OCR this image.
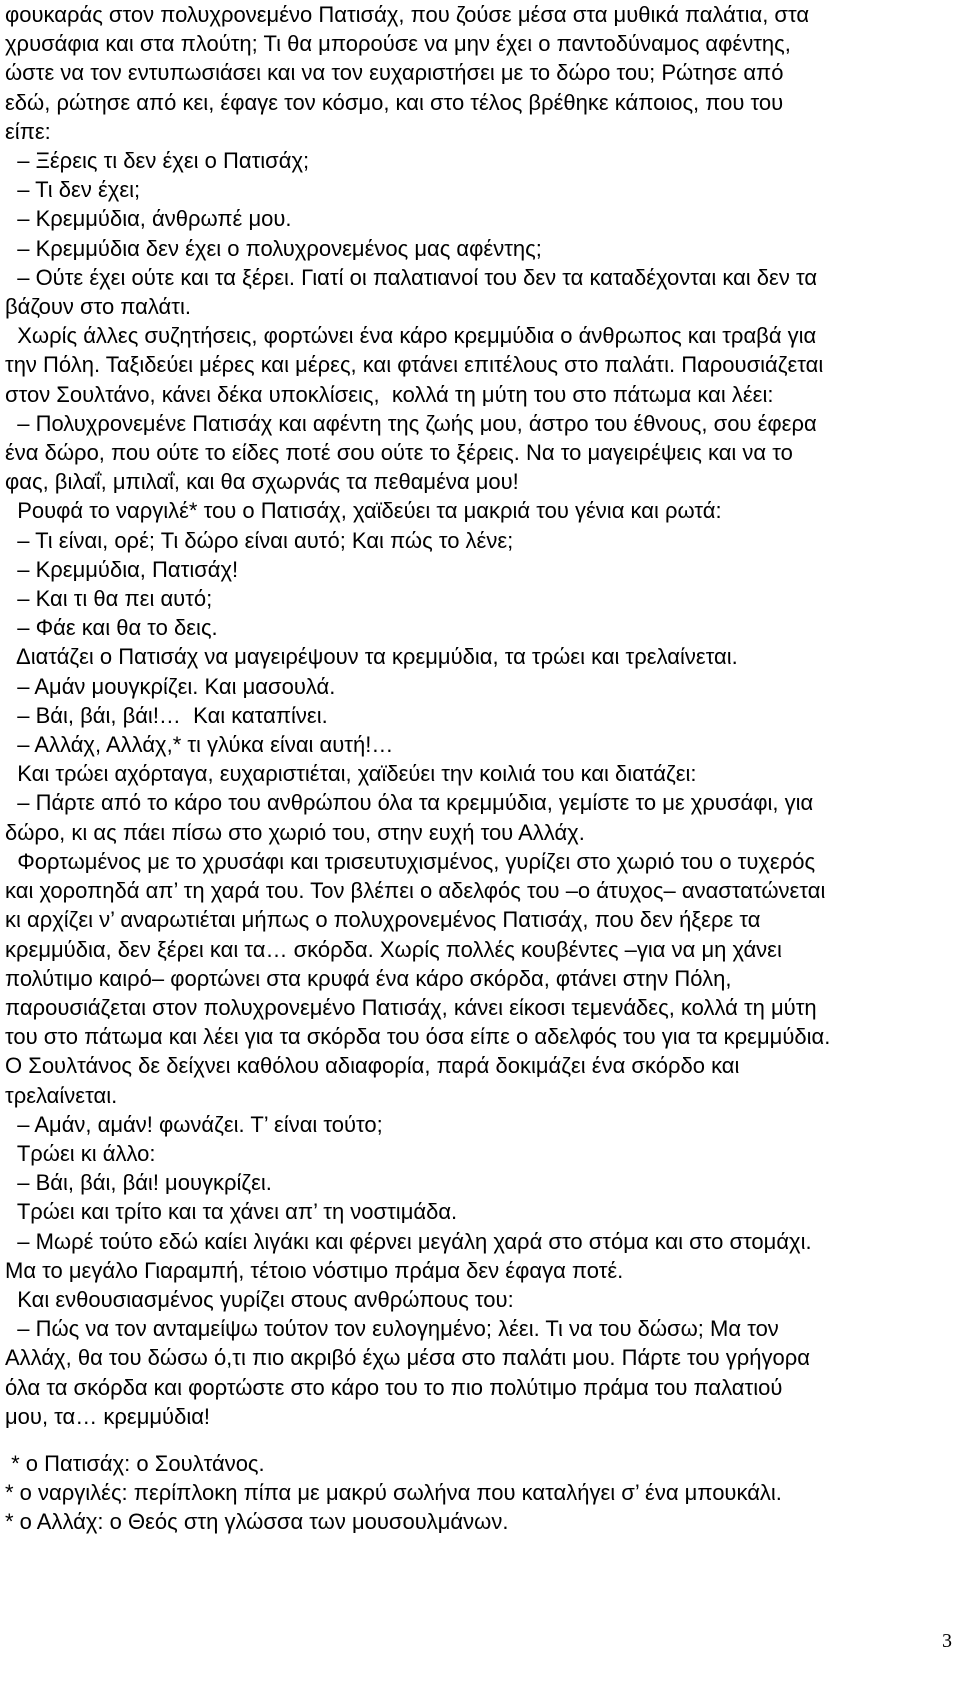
φουκαράς στον πολυχρονεμένο Πατισάχ, που ζούσε μέσα στα μυθικά παλάτια, στα
χρυσάφια και στα πλούτη; Τι θα μπορούσε να μην έχει ο παντοδύναμος αφέντης,
ώστε να τον εντυπωσιάσει και να τον ευχαριστήσει με το δώρο του; Ρώτησε από
εδώ, ρώτησε από κει, έφαγε τον κόσμο, και στο τέλος βρέθηκε κάποιος, που του
είπε:
– Ξέρεις τι δεν έχει ο Πατισάχ;
– Τι δεν έχει;
– Κρεμμύδια, άνθρωπέ μου.
– Κρεμμύδια δεν έχει ο πολυχρονεμένος μας αφέντης;
– Ούτε έχει ούτε και τα ξέρει. Γιατί οι παλατιανοί του δεν τα καταδέχονται και δεν τα
βάζουν στο παλάτι.
Χωρίς άλλες συζητήσεις, φορτώνει ένα κάρο κρεμμύδια ο άνθρωπος και τραβά για
την Πόλη. Ταξιδεύει μέρες και μέρες, και φτάνει επιτέλους στο παλάτι. Παρουσιάζεται
στον Σουλτάνο, κάνει δέκα υποκλίσεις,  κολλά τη μύτη του στο πάτωμα και λέει:
– Πολυχρονεμένε Πατισάχ και αφέντη της ζωής μου, άστρο του έθνους, σου έφερα
ένα δώρο, που ούτε το είδες ποτέ σου ούτε το ξέρεις. Να το μαγειρέψεις και να το
φας, βιλαΐ, μπιλαΐ, και θα σχωρνάς τα πεθαμένα μου!
Ρουφά το ναργιλέ* του ο Πατισάχ, χαϊδεύει τα μακριά του γένια και ρωτά:
– Τι είναι, ορέ; Τι δώρο είναι αυτό; Και πώς το λένε;
– Κρεμμύδια, Πατισάχ!
– Και τι θα πει αυτό;
– Φάε και θα το δεις.
Διατάζει ο Πατισάχ να μαγειρέψουν τα κρεμμύδια, τα τρώει και τρελαίνεται.
– Αμάν μουγκρίζει. Και μασουλά.
– Βάι, βάι, βάι!…  Και καταπίνει.
– Αλλάχ, Αλλάχ,* τι γλύκα είναι αυτή!…
Και τρώει αχόρταγα, ευχαριστιέται, χαϊδεύει την κοιλιά του και διατάζει:
– Πάρτε από το κάρο του ανθρώπου όλα τα κρεμμύδια, γεμίστε το με χρυσάφι, για
δώρο, κι ας πάει πίσω στο χωριό του, στην ευχή του Αλλάχ.
Φορτωμένος με το χρυσάφι και τρισευτυχισμένος, γυρίζει στο χωριό του ο τυχερός
και χοροπηδά απ’ τη χαρά του. Τον βλέπει ο αδελφός του –ο άτυχος– αναστατώνεται
κι αρχίζει ν’ αναρωτιέται μήπως ο πολυχρονεμένος Πατισάχ, που δεν ήξερε τα
κρεμμύδια, δεν ξέρει και τα… σκόρδα. Χωρίς πολλές κουβέντες –για να μη χάνει
πολύτιμο καιρό– φορτώνει στα κρυφά ένα κάρο σκόρδα, φτάνει στην Πόλη,
παρουσιάζεται στον πολυχρονεμένο Πατισάχ, κάνει είκοσι τεμενάδες, κολλά τη μύτη
του στο πάτωμα και λέει για τα σκόρδα του όσα είπε ο αδελφός του για τα κρεμμύδια.
Ο Σουλτάνος δε δείχνει καθόλου αδιαφορία, παρά δοκιμάζει ένα σκόρδο και
τρελαίνεται.
– Αμάν, αμάν! φωνάζει. Τ’ είναι τούτο;
Τρώει κι άλλο:
– Βάι, βάι, βάι! μουγκρίζει.
Τρώει και τρίτο και τα χάνει απ’ τη νοστιμάδα.
– Μωρέ τούτο εδώ καίει λιγάκι και φέρνει μεγάλη χαρά στο στόμα και στο στομάχι.
Μα το μεγάλο Γιαραμπή, τέτοιο νόστιμο πράμα δεν έφαγα ποτέ.
Και ενθουσιασμένος γυρίζει στους ανθρώπους του:
– Πώς να τον ανταμείψω τούτον τον ευλογημένο; λέει. Τι να του δώσω; Μα τον
Αλλάχ, θα του δώσω ό,τι πιο ακριβό έχω μέσα στο παλάτι μου. Πάρτε του γρήγορα
όλα τα σκόρδα και φορτώστε στο κάρο του το πιο πολύτιμο πράμα του παλατιού
μου, τα… κρεμμύδια!
* ο Πατισάχ: ο Σουλτάνος.
* ο ναργιλές: περίπλοκη πίπα με μακρύ σωλήνα που καταλήγει σ’ ένα μπουκάλι.
* ο Αλλάχ: ο Θεός στη γλώσσα των μουσουλμάνων.
3
